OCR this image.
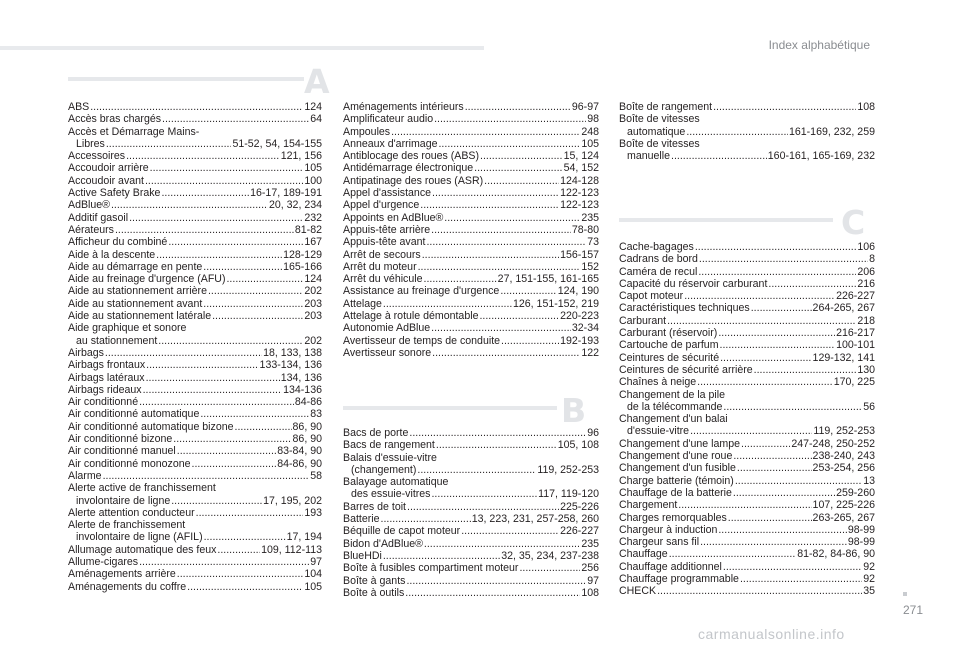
Index alphabétique
A
B
C
ABS .....	124
Accès bras chargés .....	64
Accès et Démarrage Mains-
Libres .....	51-52, 54, 154-155
Accessoires .....	121, 156
Accoudoir arrière .....	105
Accoudoir avant .....	100
Active Safety Brake .....	16-17, 189-191
AdBlue® .....	20, 32, 234
Additif gasoil .....	232
Aérateurs .....	81-82
Afficheur du combiné .....	167
Aide à la descente .....	128-129
Aide au démarrage en pente .....	165-166
Aide au freinage d'urgence (AFU) .....	124
Aide au stationnement arrière .....	202
Aide au stationnement avant .....	203
Aide au stationnement latérale .....	203
Aide graphique et sonore
au stationnement .....	202
Airbags .....	18, 133, 138
Airbags frontaux .....	133-134, 136
Airbags latéraux .....	134, 136
Airbags rideaux .....	134-136
Air conditionné .....	84-86
Air conditionné automatique .....	83
Air conditionné automatique bizone .....	86, 90
Air conditionné bizone .....	86, 90
Air conditionné manuel .....	83-84, 90
Air conditionné monozone .....	84-86, 90
Alarme .....	58
Alerte active de franchissement
involontaire de ligne .....	17, 195, 202
Alerte attention conducteur .....	193
Alerte de franchissement
involontaire de ligne (AFIL) .....	17, 194
Allumage automatique des feux .....	109, 112-113
Allume-cigares .....	97
Aménagements arrière .....	104
Aménagements du coffre .....	105
Aménagements intérieurs .....	96-97
Amplificateur audio .....	98
Ampoules .....	248
Anneaux d'arrimage .....	105
Antiblocage des roues (ABS) .....	15, 124
Antidémarrage électronique .....	54, 152
Antipatinage des roues (ASR) .....	124-128
Appel d'assistance .....	122-123
Appel d'urgence .....	122-123
Appoints en AdBlue® .....	235
Appuis-tête arrière .....	78-80
Appuis-tête avant .....	73
Arrêt de secours .....	156-157
Arrêt du moteur .....	152
Arrêt du véhicule .....	27, 151-155, 161-165
Assistance au freinage d'urgence .....	124, 190
Attelage .....	126, 151-152, 219
Attelage à rotule démontable .....	220-223
Autonomie AdBlue .....	32-34
Avertisseur de temps de conduite .....	192-193
Avertisseur sonore .....	122
Bacs de porte .....	96
Bacs de rangement .....	105, 108
Balais d'essuie-vitre
(changement) .....	119, 252-253
Balayage automatique
des essuie-vitres .....	117, 119-120
Barres de toit .....	225-226
Batterie .....	13, 223, 231, 257-258, 260
Béquille de capot moteur .....	226-227
Bidon d'AdBlue® .....	235
BlueHDi .....	32, 35, 234, 237-238
Boîte à fusibles compartiment moteur .....	256
Boîte à gants .....	97
Boîte à outils .....	108
Boîte de rangement .....	108
Boîte de vitesses
automatique .....	161-169, 232, 259
Boîte de vitesses
manuelle .....	160-161, 165-169, 232
Cache-bagages .....	106
Cadrans de bord .....	8
Caméra de recul .....	206
Capacité du réservoir carburant .....	216
Capot moteur .....	226-227
Caractéristiques techniques .....	264-265, 267
Carburant .....	218
Carburant (réservoir) .....	216-217
Cartouche de parfum .....	100-101
Ceintures de sécurité .....	129-132, 141
Ceintures de sécurité arrière .....	130
Chaînes à neige .....	170, 225
Changement de la pile
de la télécommande .....	56
Changement d'un balai
d'essuie-vitre .....	119, 252-253
Changement d'une lampe .....	247-248, 250-252
Changement d'une roue .....	238-240, 243
Changement d'un fusible .....	253-254, 256
Charge batterie (témoin) .....	13
Chauffage de la batterie .....	259-260
Chargement .....	107, 225-226
Charges remorquables .....	263-265, 267
Chargeur à induction .....	98-99
Chargeur sans fil .....	98-99
Chauffage .....	81-82, 84-86, 90
Chauffage additionnel .....	92
Chauffage programmable .....	92
CHECK .....	35
271
carmanualsonline.info
